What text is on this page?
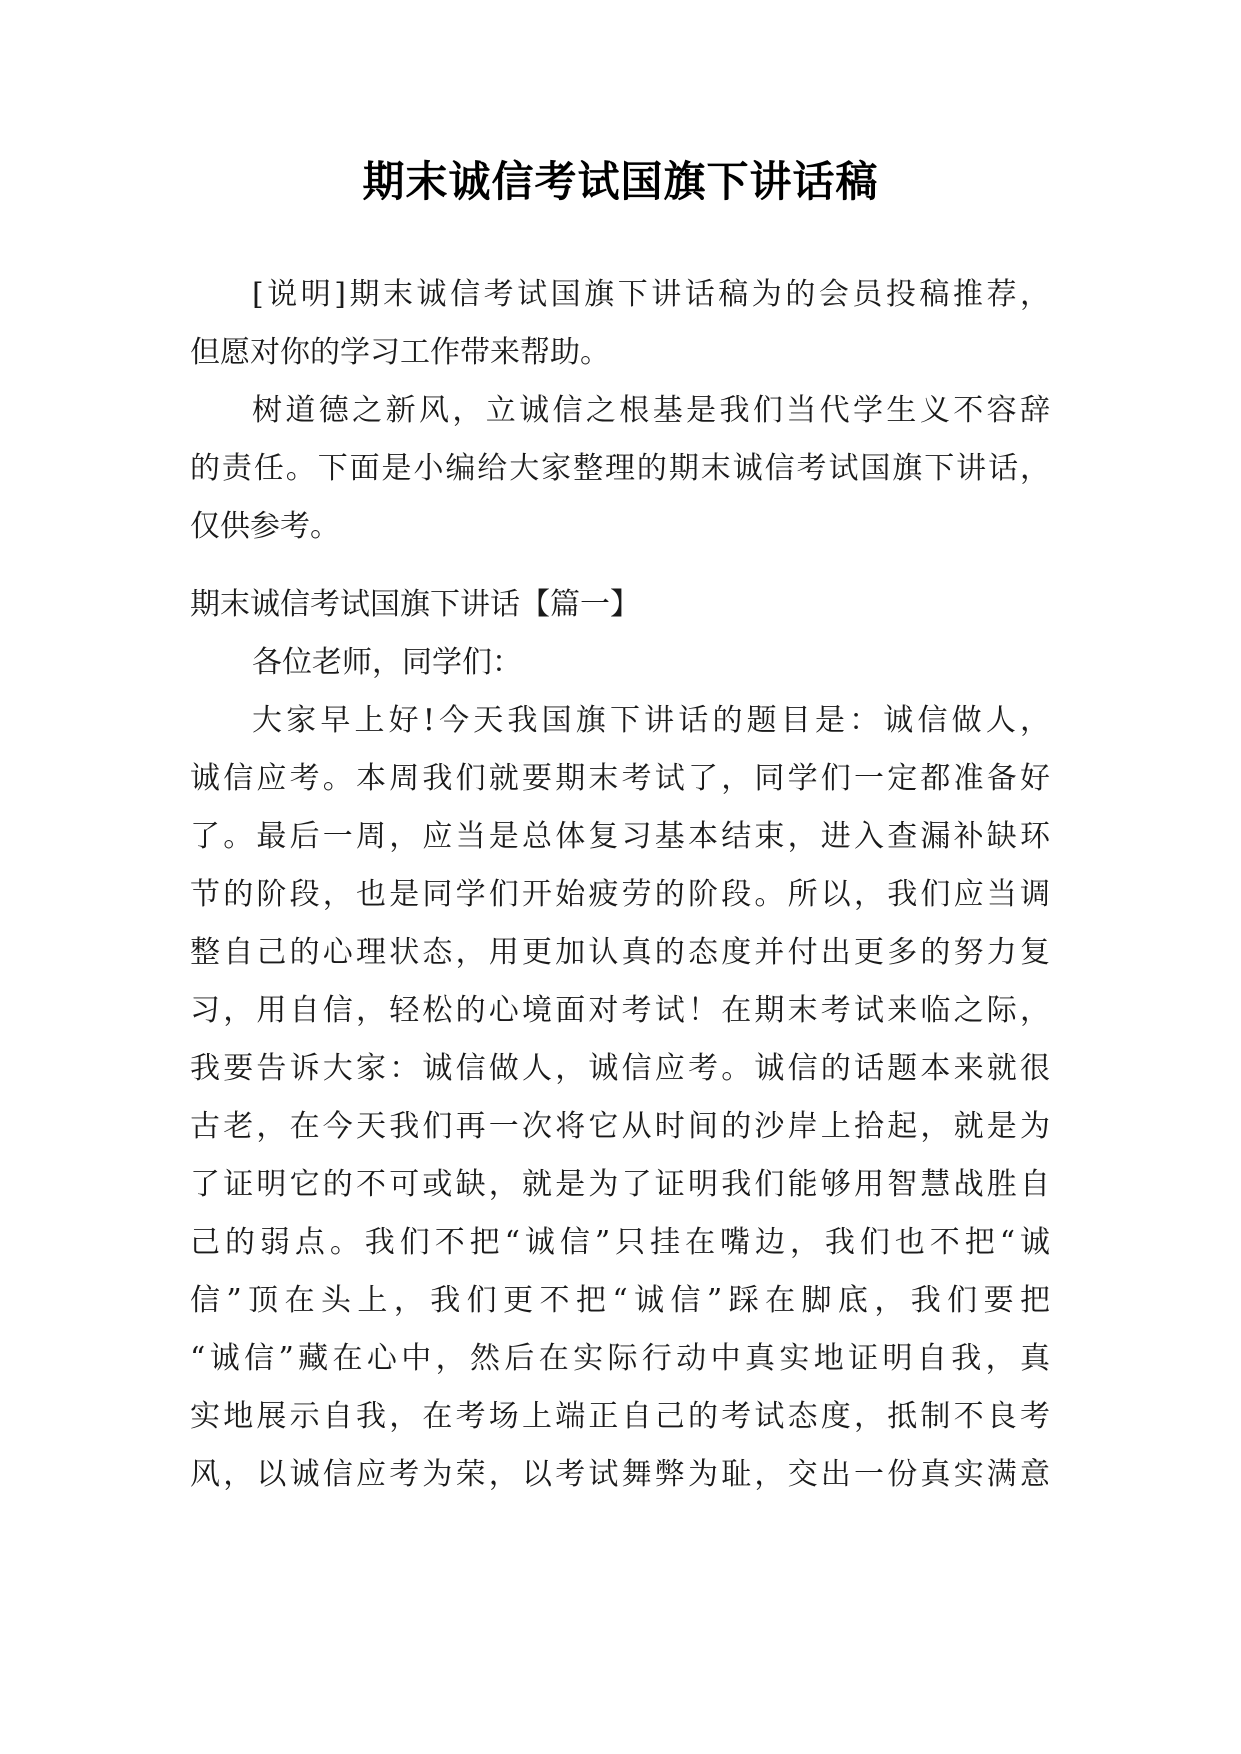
期末诚信考试国旗下讲话稿
[说明]期末诚信考试国旗下讲话稿为的会员投稿推荐，
但愿对你的学习工作带来帮助。
树道德之新风，立诚信之根基是我们当代学生义不容辞
的责任。下面是小编给大家整理的期末诚信考试国旗下讲话，
仅供参考。
期末诚信考试国旗下讲话【篇一】
各位老师，同学们：
大家早上好!今天我国旗下讲话的题目是：诚信做人，
诚信应考。本周我们就要期末考试了，同学们一定都准备好
了。最后一周，应当是总体复习基本结束，进入查漏补缺环
节的阶段，也是同学们开始疲劳的阶段。所以，我们应当调
整自己的心理状态，用更加认真的态度并付出更多的努力复
习，用自信，轻松的心境面对考试！在期末考试来临之际，
我要告诉大家：诚信做人，诚信应考。诚信的话题本来就很
古老，在今天我们再一次将它从时间的沙岸上拾起，就是为
了证明它的不可或缺，就是为了证明我们能够用智慧战胜自
己的弱点。我们不把“诚信”只挂在嘴边，我们也不把“诚
信”顶在头上，我们更不把“诚信”踩在脚底，我们要把
“诚信”藏在心中，然后在实际行动中真实地证明自我，真
实地展示自我，在考场上端正自己的考试态度，抵制不良考
风，以诚信应考为荣，以考试舞弊为耻，交出一份真实满意
